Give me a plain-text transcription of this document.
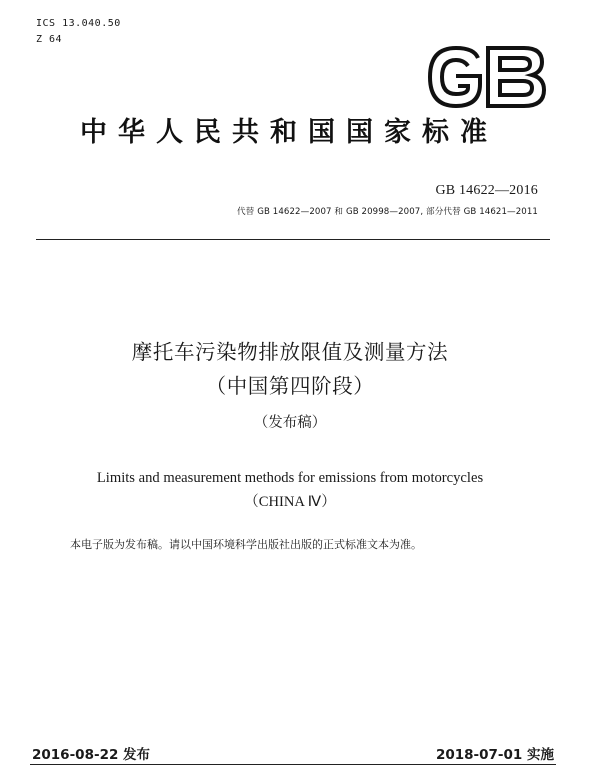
ICS 13.040.50
Z 64	GB
中华人民共和国国家标准
GB 14622—2016
代替 GB 14622—2007 和 GB 20998—2007, 部分代替 GB 14621—2011
摩托车污染物排放限值及测量方法
（中国第四阶段）
（发布稿）
Limits and measurement methods for emissions from motorcycles
（CHINA Ⅳ）
本电子版为发布稿。请以中国环境科学出版社出版的正式标准文本为准。
2016-08-22 发布	2018-07-01 实施
